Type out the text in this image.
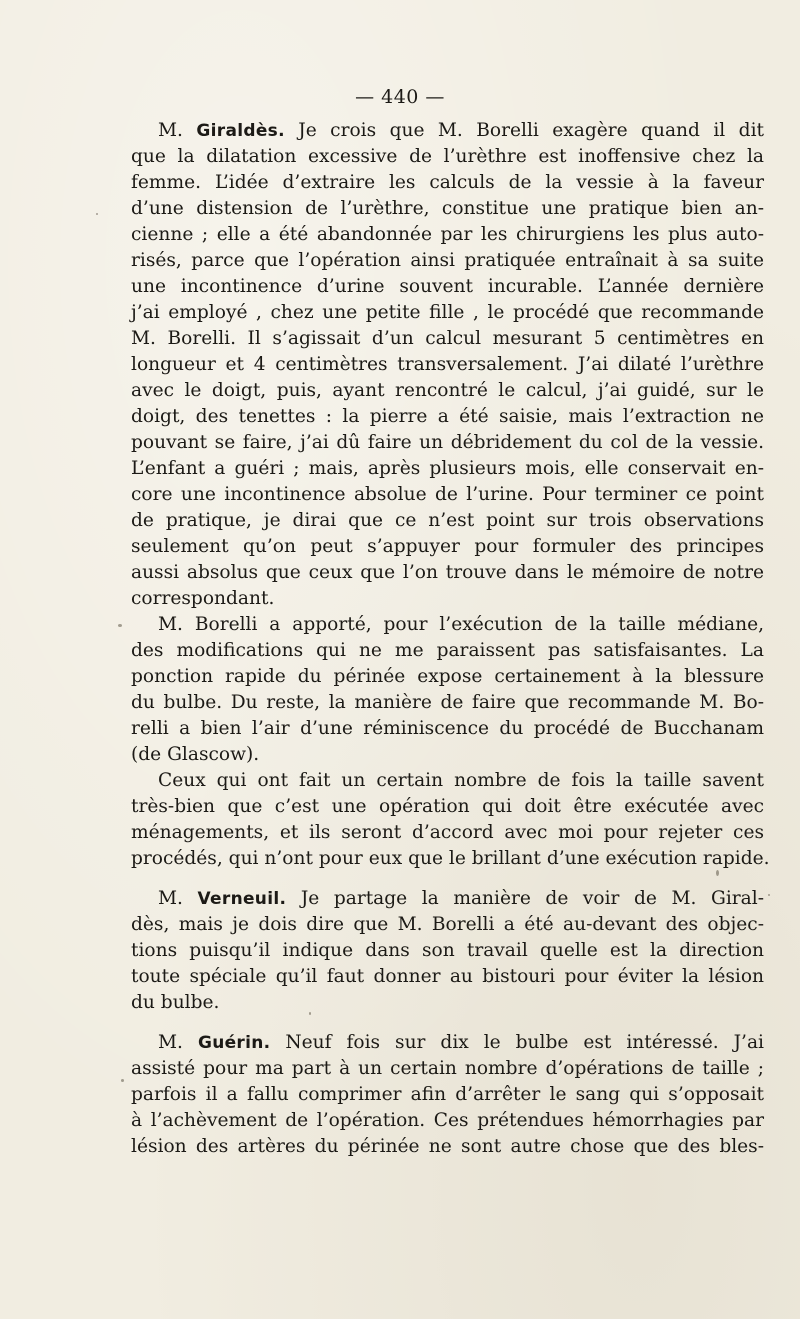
— 440 —
M. Giraldès. Je crois que M. Borelli exagère quand il dit
que la dilatation excessive de l’urèthre est inoffensive chez la
femme. L’idée d’extraire les calculs de la vessie à la faveur
d’une distension de l’urèthre, constitue une pratique bien an-
cienne ; elle a été abandonnée par les chirurgiens les plus auto-
risés, parce que l’opération ainsi pratiquée entraînait à sa suite
une incontinence d’urine souvent incurable. L’année dernière
j’ai employé , chez une petite fille , le procédé que recommande
M. Borelli. Il s’agissait d’un calcul mesurant 5 centimètres en
longueur et 4 centimètres transversalement. J’ai dilaté l’urèthre
avec le doigt, puis, ayant rencontré le calcul, j’ai guidé, sur le
doigt, des tenettes : la pierre a été saisie, mais l’extraction ne
pouvant se faire, j’ai dû faire un débridement du col de la vessie.
L’enfant a guéri ; mais, après plusieurs mois, elle conservait en-
core une incontinence absolue de l’urine. Pour terminer ce point
de pratique, je dirai que ce n’est point sur trois observations
seulement qu’on peut s’appuyer pour formuler des principes
aussi absolus que ceux que l’on trouve dans le mémoire de notre
correspondant.
M. Borelli a apporté, pour l’exécution de la taille médiane,
des modifications qui ne me paraissent pas satisfaisantes. La
ponction rapide du périnée expose certainement à la blessure
du bulbe. Du reste, la manière de faire que recommande M. Bo-
relli a bien l’air d’une réminiscence du procédé de Bucchanam
(de Glascow).
Ceux qui ont fait un certain nombre de fois la taille savent
très-bien que c’est une opération qui doit être exécutée avec
ménagements, et ils seront d’accord avec moi pour rejeter ces
procédés, qui n’ont pour eux que le brillant d’une exécution rapide.
M. Verneuil. Je partage la manière de voir de M. Giral-
dès, mais je dois dire que M. Borelli a été au-devant des objec-
tions puisqu’il indique dans son travail quelle est la direction
toute spéciale qu’il faut donner au bistouri pour éviter la lésion
du bulbe.
M. Guérin. Neuf fois sur dix le bulbe est intéressé. J’ai
assisté pour ma part à un certain nombre d’opérations de taille ;
parfois il a fallu comprimer afin d’arrêter le sang qui s’opposait
à l’achèvement de l’opération. Ces prétendues hémorrhagies par
lésion des artères du périnée ne sont autre chose que des bles-
